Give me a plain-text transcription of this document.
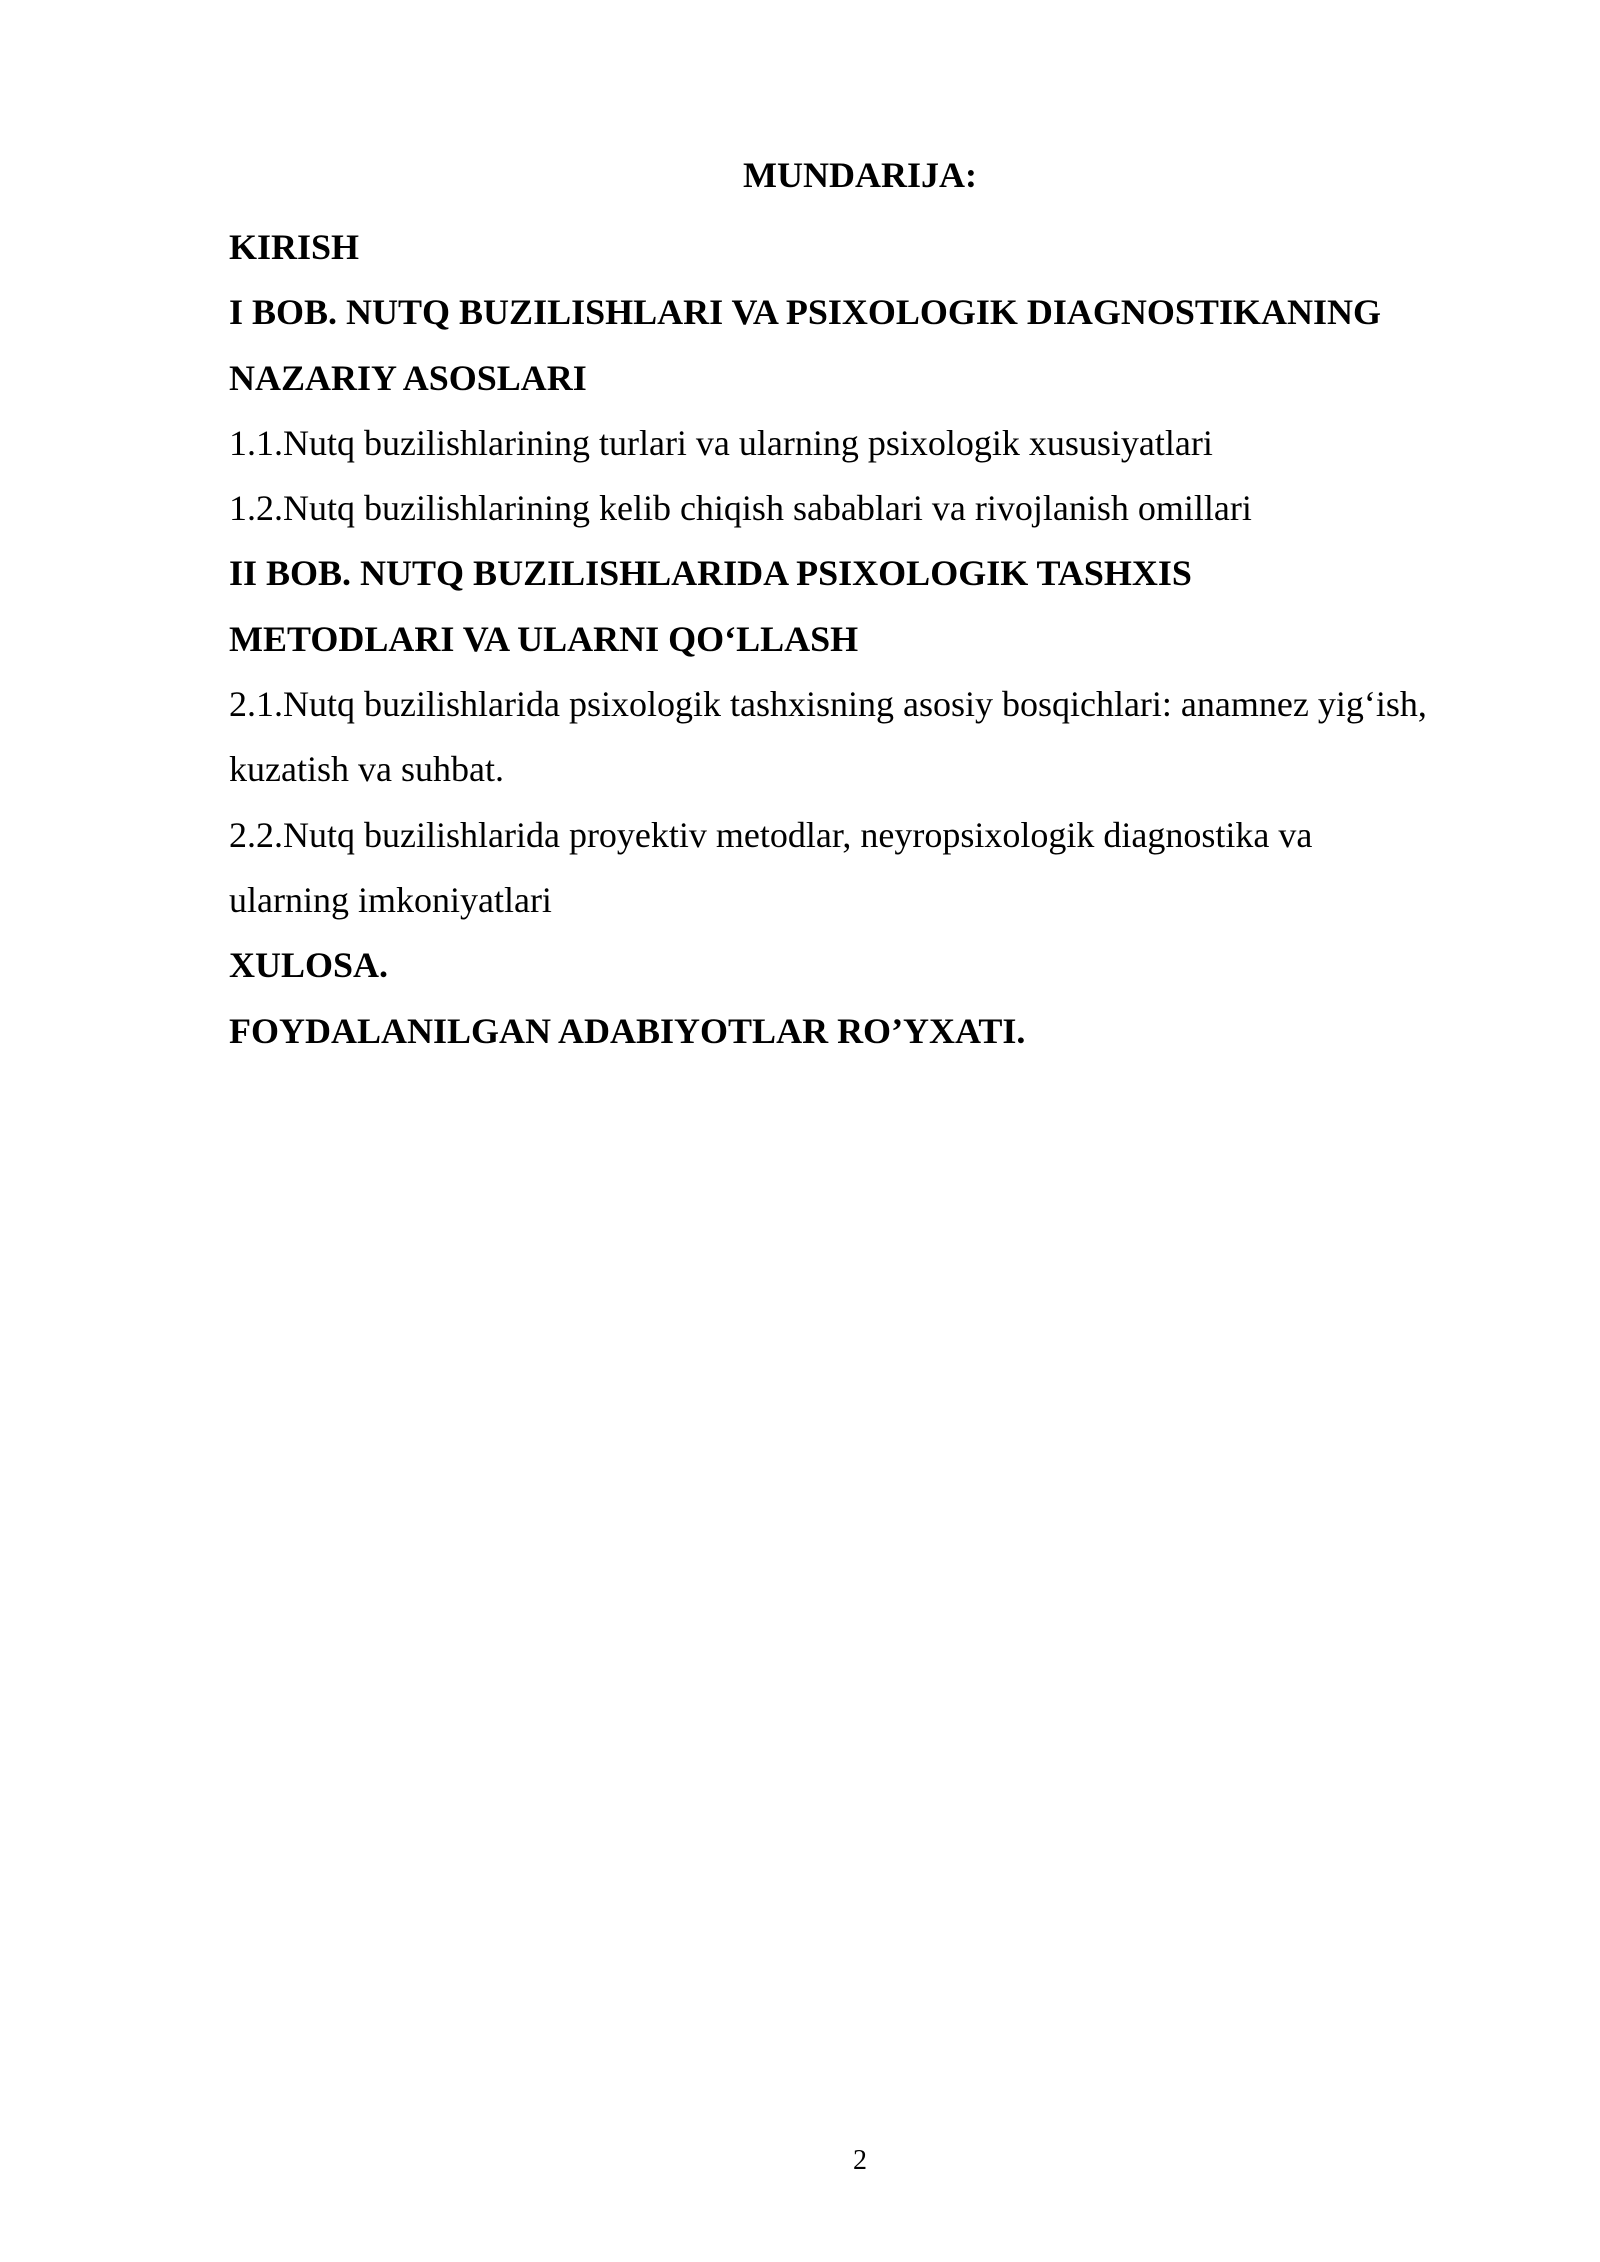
MUNDARIJA:
KIRISH
I BOB. NUTQ BUZILISHLARI VA PSIXOLOGIK DIAGNOSTIKANING
NAZARIY ASOSLARI
1.1.Nutq buzilishlarining turlari va ularning psixologik xususiyatlari
1.2.Nutq buzilishlarining kelib chiqish sabablari va rivojlanish omillari
II BOB. NUTQ BUZILISHLARIDA PSIXOLOGIK TASHXIS
METODLARI VA ULARNI QO‘LLASH
2.1.Nutq buzilishlarida psixologik tashxisning asosiy bosqichlari: anamnez yig‘ish,
kuzatish va suhbat.
2.2.Nutq buzilishlarida proyektiv metodlar, neyropsixologik diagnostika va
ularning imkoniyatlari
XULOSA.
FOYDALANILGAN ADABIYOTLAR RO’YXATI.
2
